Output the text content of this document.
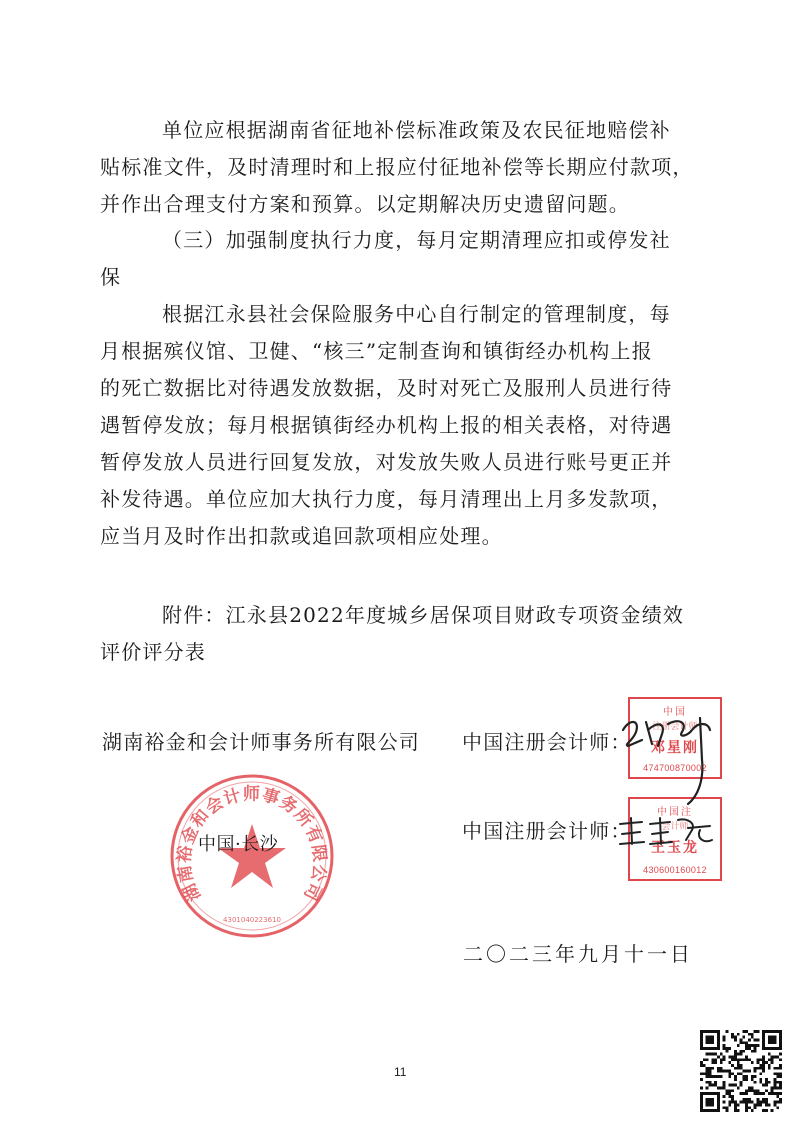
单位应根据湖南省征地补偿标准政策及农民征地赔偿补
贴标准文件，及时清理时和上报应付征地补偿等长期应付款项，
并作出合理支付方案和预算。以定期解决历史遗留问题。

（三）加强制度执行力度，每月定期清理应扣或停发社
保

根据江永县社会保险服务中心自行制定的管理制度，每
月根据殡仪馆、卫健、“核三”定制查询和镇街经办机构上报
的死亡数据比对待遇发放数据，及时对死亡及服刑人员进行待
遇暂停发放；每月根据镇街经办机构上报的相关表格，对待遇
暂停发放人员进行回复发放，对发放失败人员进行账号更正并
补发待遇。单位应加大执行力度，每月清理出上月多发款项，
应当月及时作出扣款或追回款项相应处理。

附件：江永县2022年度城乡居保项目财政专项资金绩效
评价评分表

湖南裕金和会计师事务所有限公司
4301040223610
湖南裕金和会计师事务所有限公司
中国·长沙
中国
注册会计师
邓星刚
474700870002
中国注
会计师
王玉龙
430600160012
中国注册会计师：
中国注册会计师：
二〇二三年九月十一日
11
